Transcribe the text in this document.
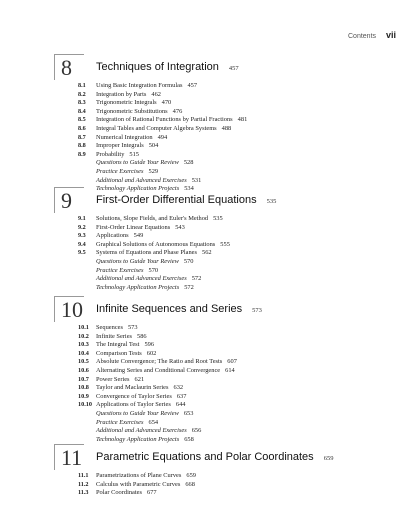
Contents vii
8	Techniques of Integration 457
8.1 Using Basic Integration Formulas 457
8.2 Integration by Parts 462
8.3 Trigonometric Integrals 470
8.4 Trigonometric Substitutions 476
8.5 Integration of Rational Functions by Partial Fractions 481
8.6 Integral Tables and Computer Algebra Systems 488
8.7 Numerical Integration 494
8.8 Improper Integrals 504
8.9 Probability 515
Questions to Guide Your Review 528
Practice Exercises 529
Additional and Advanced Exercises 531
Technology Application Projects 534
9	First-Order Differential Equations 535
9.1 Solutions, Slope Fields, and Euler's Method 535
9.2 First-Order Linear Equations 543
9.3 Applications 549
9.4 Graphical Solutions of Autonomous Equations 555
9.5 Systems of Equations and Phase Planes 562
Questions to Guide Your Review 570
Practice Exercises 570
Additional and Advanced Exercises 572
Technology Application Projects 572
10 Infinite Sequences and Series 573
10.1 Sequences 573
10.2 Infinite Series 586
10.3 The Integral Test 596
10.4 Comparison Tests 602
10.5 Absolute Convergence; The Ratio and Root Tests 607
10.6 Alternating Series and Conditional Convergence 614
10.7 Power Series 621
10.8 Taylor and Maclaurin Series 632
10.9 Convergence of Taylor Series 637
10.10 Applications of Taylor Series 644
Questions to Guide Your Review 653
Practice Exercises 654
Additional and Advanced Exercises 656
Technology Application Projects 658
11 Parametric Equations and Polar Coordinates 659
11.1 Parametrizations of Plane Curves 659
11.2 Calculus with Parametric Curves 668
11.3 Polar Coordinates 677
